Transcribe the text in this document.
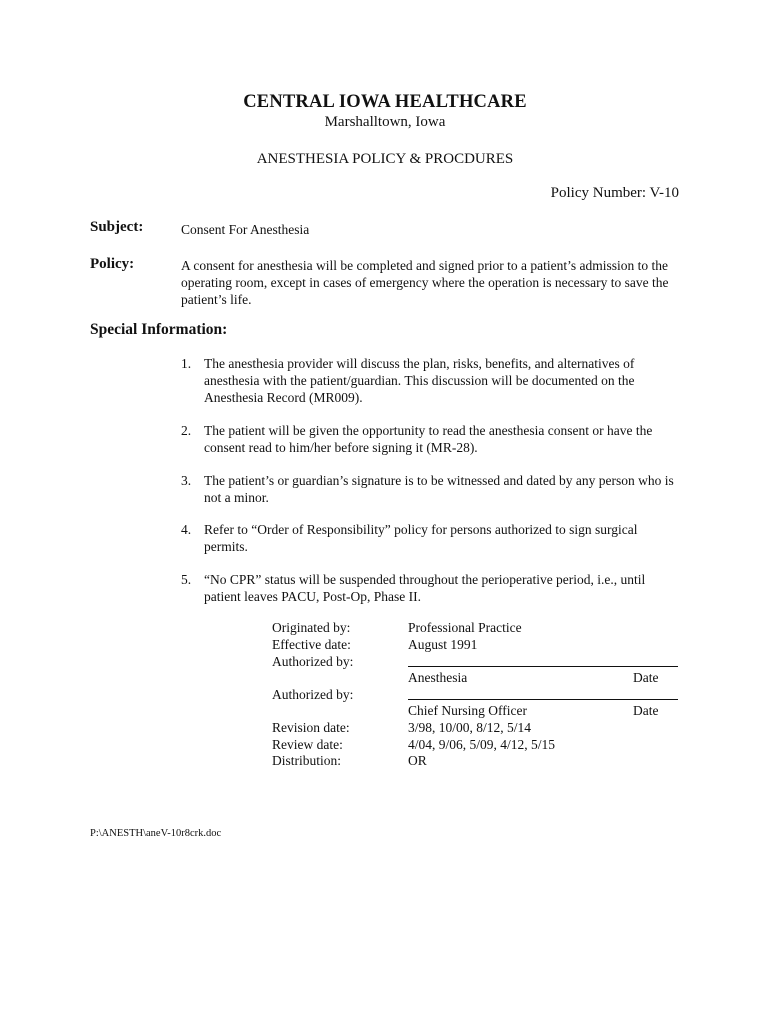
CENTRAL IOWA HEALTHCARE
Marshalltown, Iowa
ANESTHESIA POLICY & PROCDURES
Policy Number: V-10
Subject:	Consent For Anesthesia
Policy:	A consent for anesthesia will be completed and signed prior to a patient’s admission to the operating room, except in cases of emergency where the operation is necessary to save the patient’s life.
Special Information:
1. The anesthesia provider will discuss the plan, risks, benefits, and alternatives of anesthesia with the patient/guardian. This discussion will be documented on the Anesthesia Record (MR009).
2. The patient will be given the opportunity to read the anesthesia consent or have the consent read to him/her before signing it (MR-28).
3. The patient’s or guardian’s signature is to be witnessed and dated by any person who is not a minor.
4. Refer to “Order of Responsibility” policy for persons authorized to sign surgical permits.
5. “No CPR” status will be suspended throughout the perioperative period, i.e., until patient leaves PACU, Post-Op, Phase II.
Originated by:	Professional Practice
Effective date:	August 1991
Authorized by:
Anesthesia	Date
Authorized by:
Chief Nursing Officer	Date
Revision date:	3/98, 10/00, 8/12, 5/14
Review date:	4/04, 9/06, 5/09, 4/12, 5/15
Distribution:	OR
P:\ANESTH\aneV-10r8crk.doc
